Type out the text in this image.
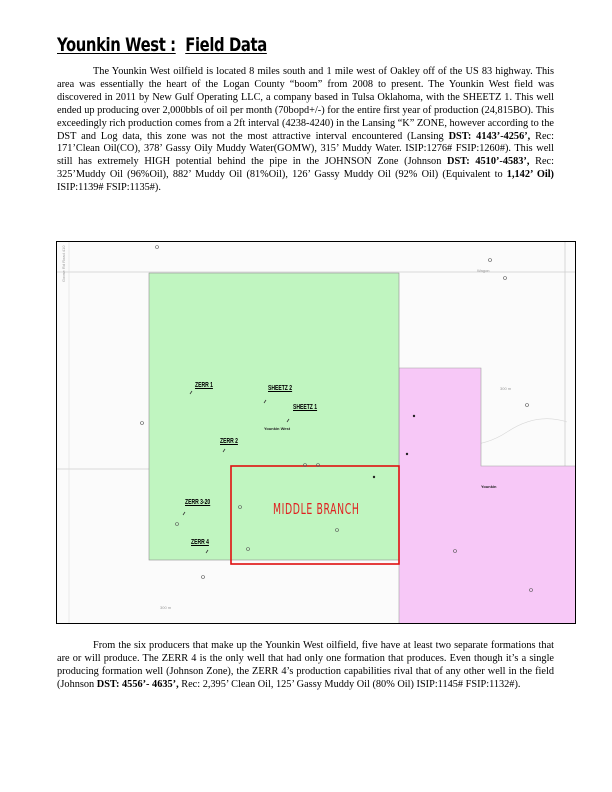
Younkin West : Field Data

The Younkin West oilfield is located 8 miles south and 1 mile west of Oakley off of the US 83 highway. This area was essentially the heart of the Logan County “boom” from 2008 to present. The Younkin West field was discovered in 2011 by New Gulf Operating LLC, a company based in Tulsa Oklahoma, with the SHEETZ 1. This well ended up producing over 2,000bbls of oil per month (70bopd+/-) for the entire first year of production (24,815BO). This exceedingly rich production comes from a 2ft interval (4238-4240) in the Lansing “K” ZONE, however according to the DST and Log data, this zone was not the most attractive interval encountered (Lansing DST: 4143’-4256’, Rec: 171’Clean Oil(CO), 378’ Gassy Oily Muddy Water(GOMW), 315’ Muddy Water. ISIP:1276# FSIP:1260#). This well still has extremely HIGH potential behind the pipe in the JOHNSON Zone (Johnson DST: 4510’-4583’, Rec: 325’Muddy Oil (96%Oil), 882’ Muddy Oil (81%Oil), 126’ Gassy Muddy Oil (92% Oil) (Equivalent to 1,142’ Oil) ISIP:1139# FSIP:1135#).

ZERR 1	SHEETZ 2
SHEETZ 1
ZERR 2
ZERR 3-20
ZERR 4
Younkin West
Younkin
MIDDLE BRANCH
Wagon
300 m
300 m
Goose Rd Road 410

From the six producers that make up the Younkin West oilfield, five have at least two separate formations that are or will produce. The ZERR 4 is the only well that had only one formation that produces. Even though it’s a single producing formation well (Johnson Zone), the ZERR 4’s production capabilities rival that of any other well in the field (Johnson DST: 4556’- 4635’, Rec: 2,395’ Clean Oil, 125’ Gassy Muddy Oil (80% Oil) ISIP:1145# FSIP:1132#).
